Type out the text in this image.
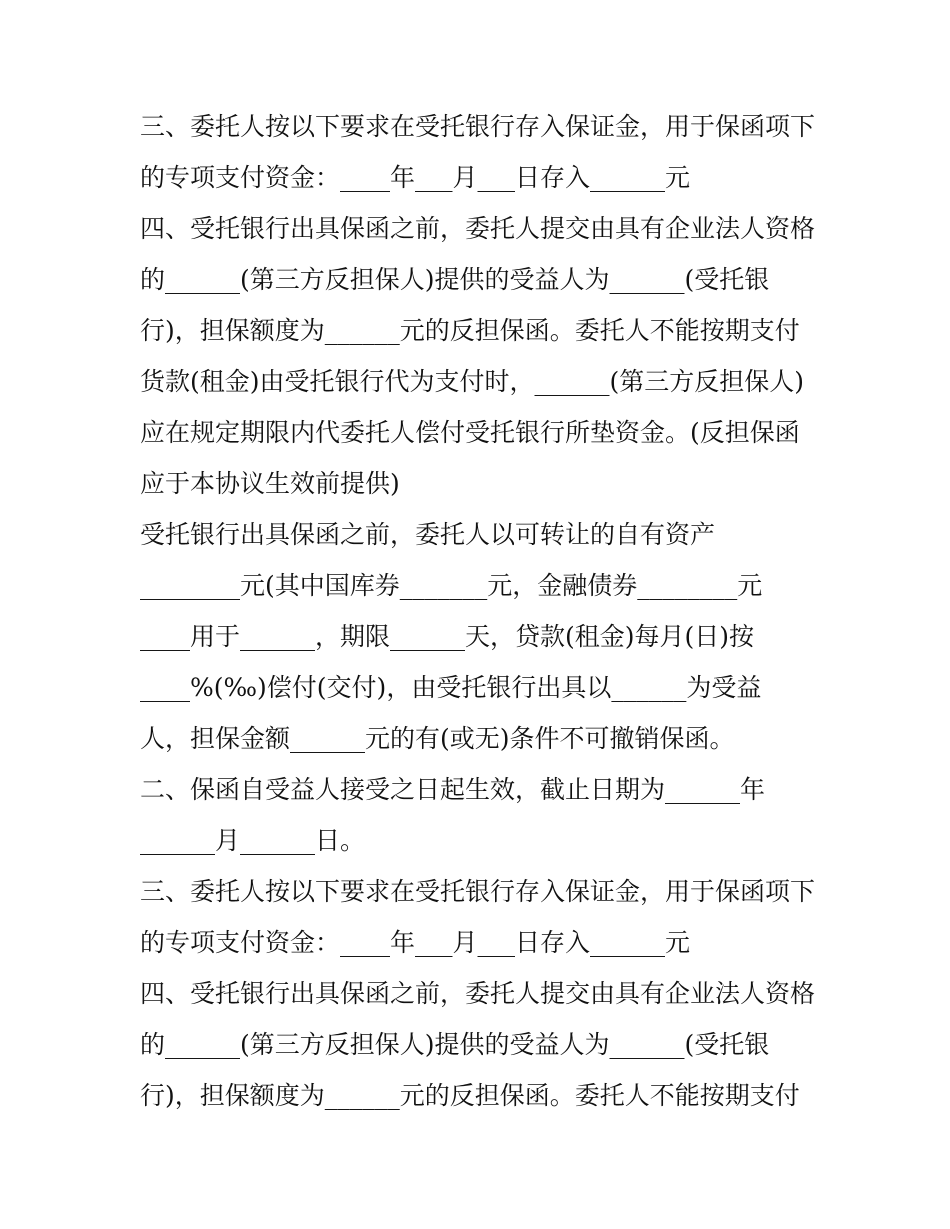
三、委托人按以下要求在受托银行存入保证金，用于保函项下
的专项支付资金：____年___月___日存入______元
四、受托银行出具保函之前，委托人提交由具有企业法人资格
的______(第三方反担保人)提供的受益人为______(受托银
行)，担保额度为______元的反担保函。委托人不能按期支付
货款(租金)由受托银行代为支付时，______(第三方反担保人)
应在规定期限内代委托人偿付受托银行所垫资金。(反担保函
应于本协议生效前提供)
受托银行出具保函之前，委托人以可转让的自有资产
________元(其中国库券_______元，金融债券________元
____用于______，期限______天，贷款(租金)每月(日)按
____%(‰)偿付(交付)，由受托银行出具以______为受益
人，担保金额______元的有(或无)条件不可撤销保函。
二、保函自受益人接受之日起生效，截止日期为______年
______月______日。
三、委托人按以下要求在受托银行存入保证金，用于保函项下
的专项支付资金：____年___月___日存入______元
四、受托银行出具保函之前，委托人提交由具有企业法人资格
的______(第三方反担保人)提供的受益人为______(受托银
行)，担保额度为______元的反担保函。委托人不能按期支付
